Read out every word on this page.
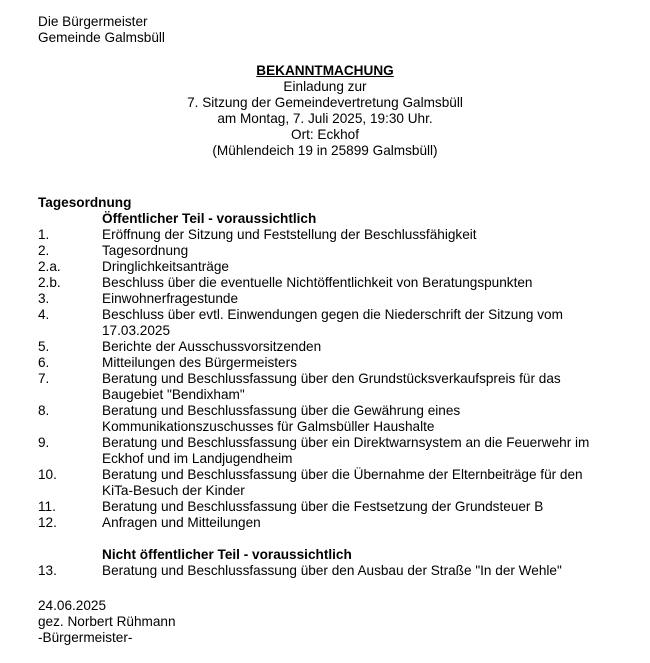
Die Bürgermeister
Gemeinde Galmsbüll
BEKANNTMACHUNG
Einladung zur
7. Sitzung der Gemeindevertretung Galmsbüll
am Montag, 7. Juli 2025, 19:30 Uhr.
Ort: Eckhof
(Mühlendeich 19 in 25899 Galmsbüll)
Tagesordnung
Öffentlicher Teil - voraussichtlich
1.	Eröffnung der Sitzung und Feststellung der Beschlussfähigkeit
2.	Tagesordnung
2.a.	Dringlichkeitsanträge
2.b.	Beschluss über die eventuelle Nichtöffentlichkeit von Beratungspunkten
3.	Einwohnerfragestunde
4.	Beschluss über evtl. Einwendungen gegen die Niederschrift der Sitzung vom
17.03.2025
5.	Berichte der Ausschussvorsitzenden
6.	Mitteilungen des Bürgermeisters
7.	Beratung und Beschlussfassung über den Grundstücksverkaufspreis für das
Baugebiet "Bendixham"
8.	Beratung und Beschlussfassung über die Gewährung eines
Kommunikationszuschusses für Galmsbüller Haushalte
9.	Beratung und Beschlussfassung über ein Direktwarnsystem an die Feuerwehr im
Eckhof und im Landjugendheim
10.	Beratung und Beschlussfassung über die Übernahme der Elternbeiträge für den
KiTa-Besuch der Kinder
11.	Beratung und Beschlussfassung über die Festsetzung der Grundsteuer B
12.	Anfragen und Mitteilungen
Nicht öffentlicher Teil - voraussichtlich
13.	Beratung und Beschlussfassung über den Ausbau der Straße "In der Wehle"
24.06.2025
gez. Norbert Rühmann
-Bürgermeister-
